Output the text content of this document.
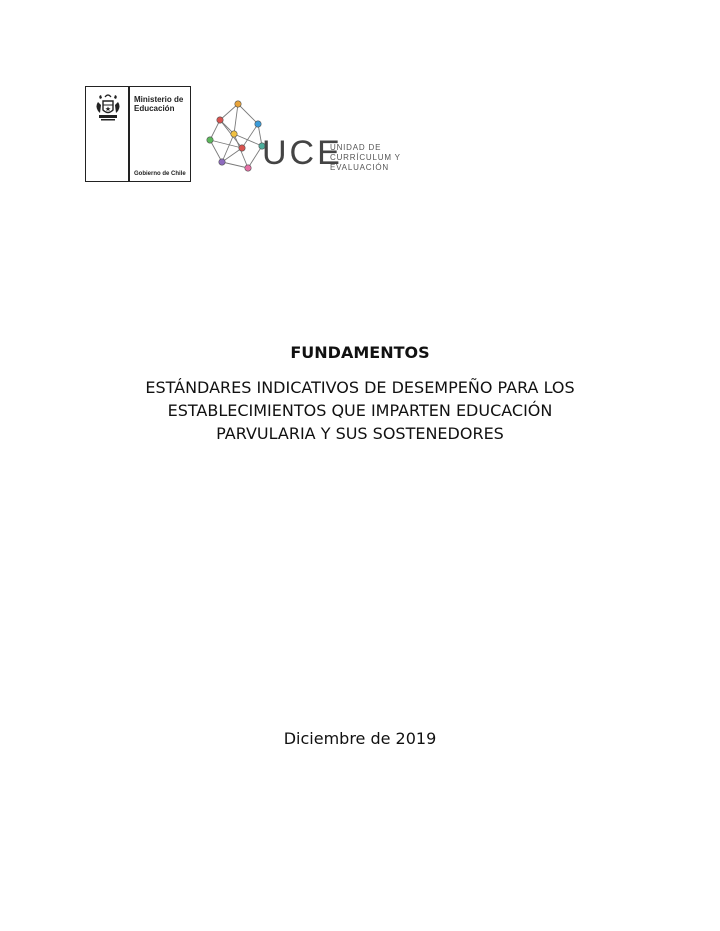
Ministerio de
Educación
Gobierno de Chile
UCE
UNIDAD DE
CURRÍCULUM Y
EVALUACIÓN
FUNDAMENTOS
ESTÁNDARES INDICATIVOS DE DESEMPEÑO PARA LOS
ESTABLECIMIENTOS QUE IMPARTEN EDUCACIÓN
PARVULARIA Y SUS SOSTENEDORES
Diciembre de 2019
